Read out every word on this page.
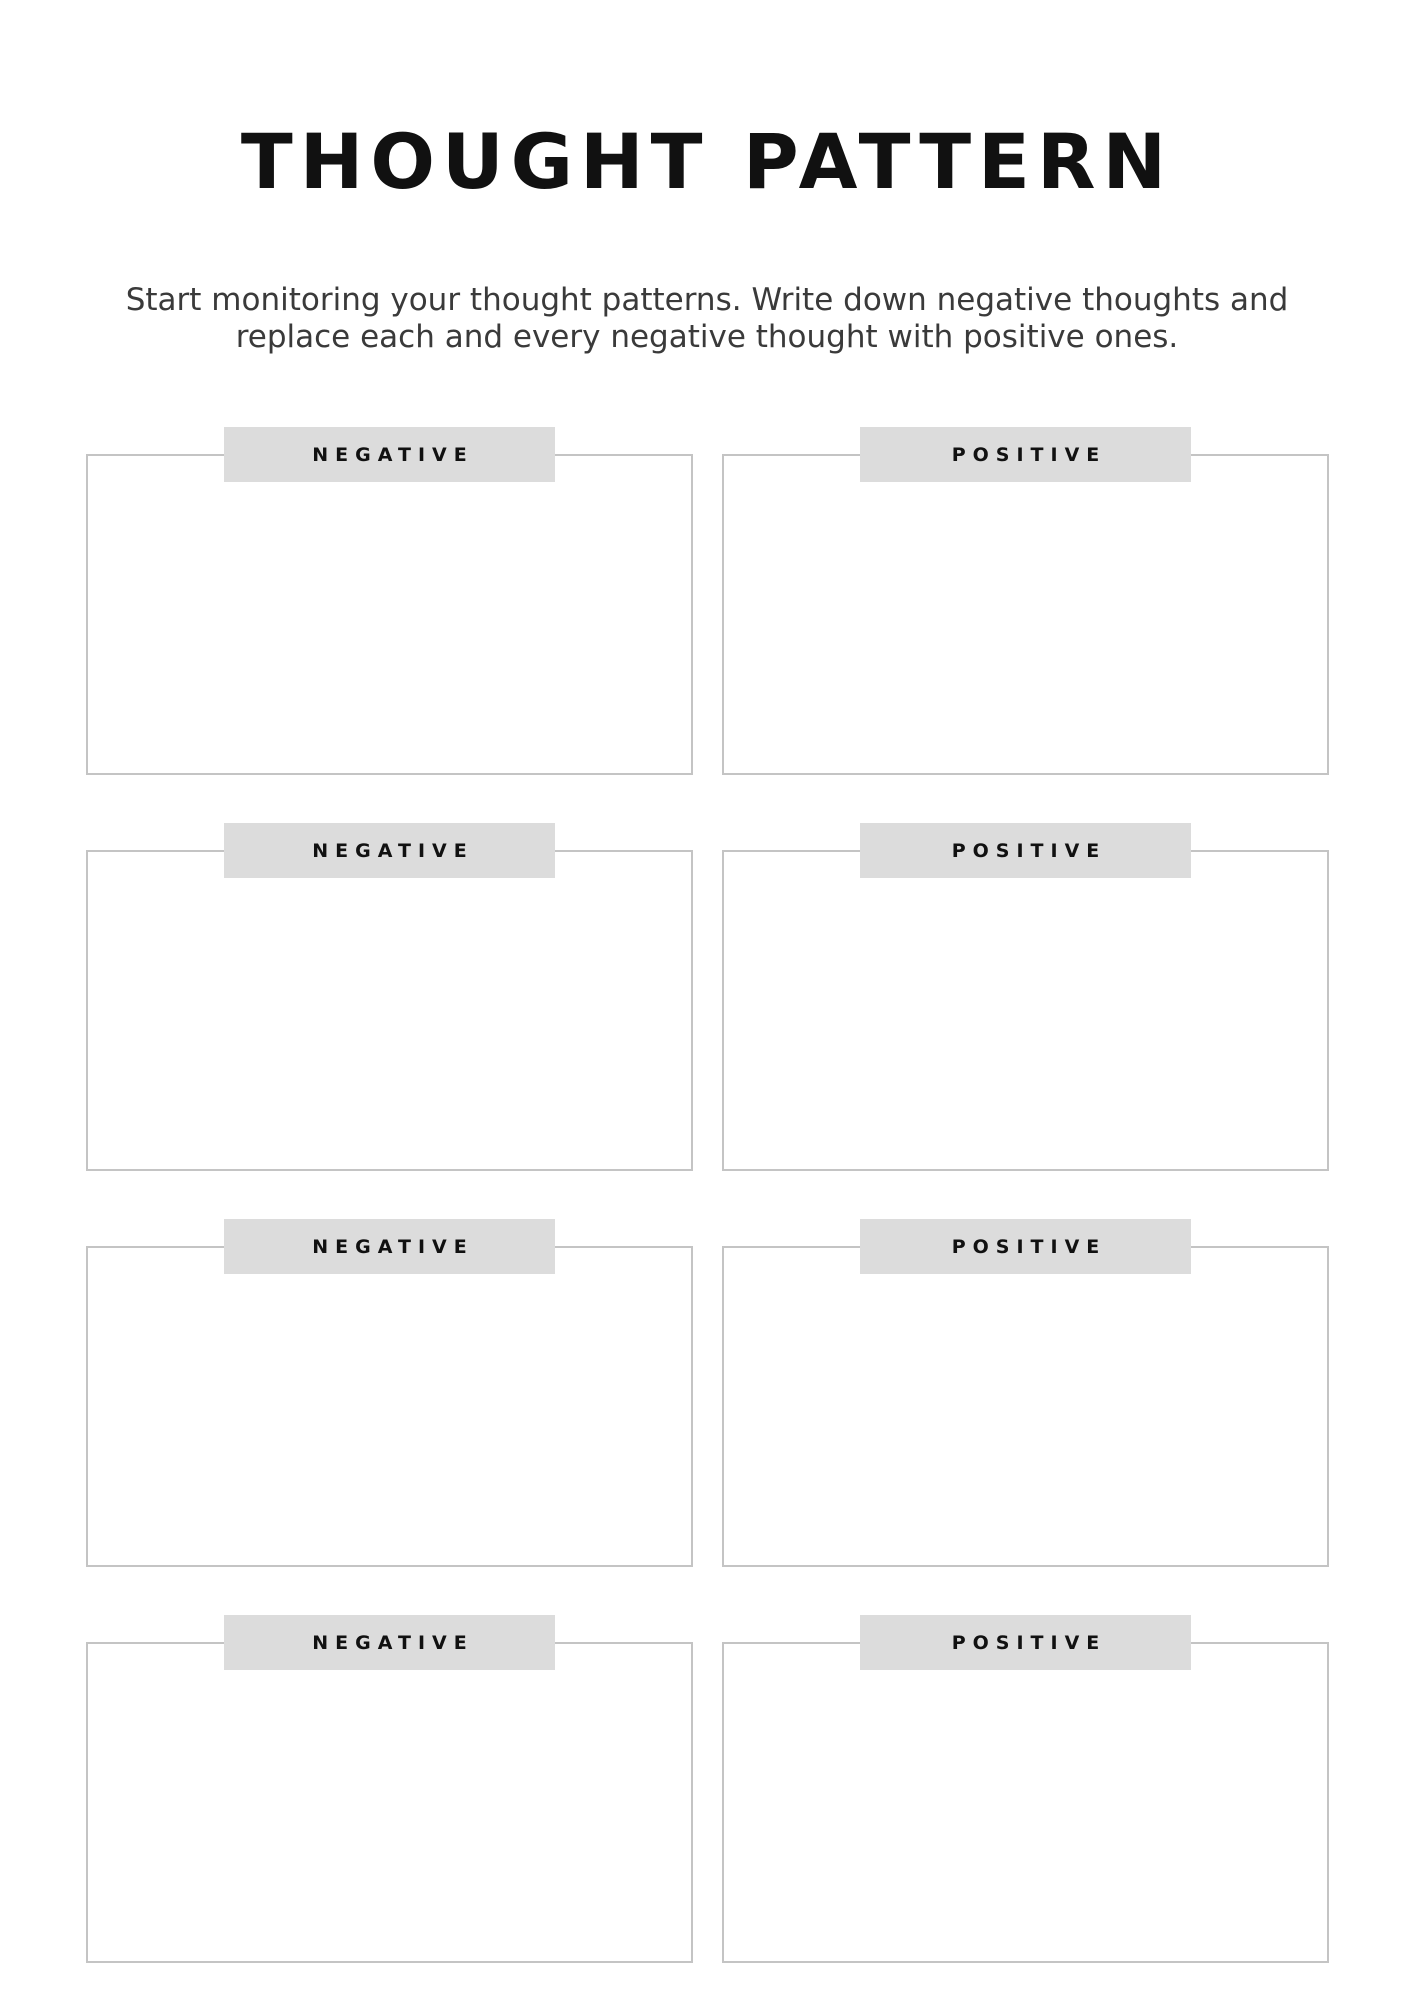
THOUGHT PATTERN

Start monitoring your thought patterns. Write down negative thoughts and replace each and every negative thought with positive ones.

NEGATIVE	POSITIVE
NEGATIVE	POSITIVE
NEGATIVE	POSITIVE
NEGATIVE	POSITIVE
